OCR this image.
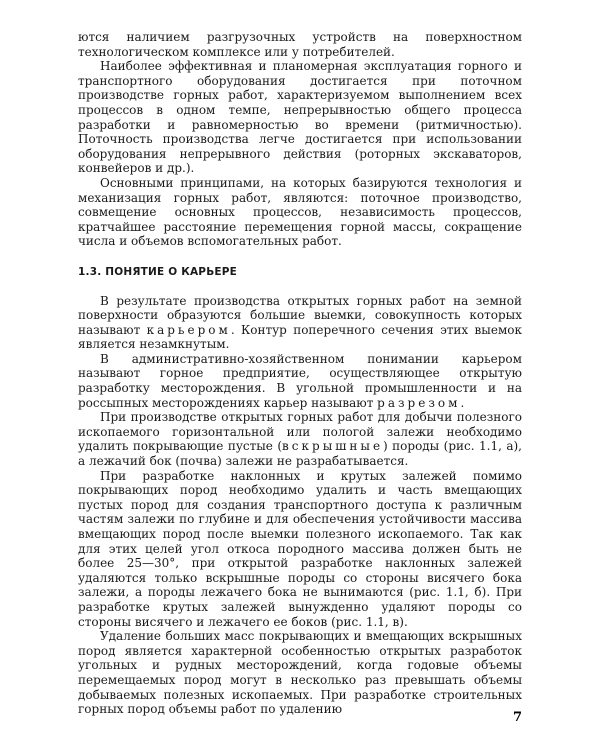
ются наличием разгрузочных устройств на поверхностном технологическом комплексе или у потребителей.

Наиболее эффективная и планомерная эксплуатация горного и транспортного оборудования достигается при поточном производстве горных работ, характеризуемом выполнением всех процессов в одном темпе, непрерывностью общего процесса разработки и равномерностью во времени (ритмичностью). Поточность производства легче достигается при использовании оборудования непрерывного действия (роторных экскаваторов, конвейеров и др.).

Основными принципами, на которых базируются технология и механизация горных работ, являются: поточное производство, совмещение основных процессов, независимость процессов, кратчайшее расстояние перемещения горной массы, сокращение числа и объемов вспомогательных работ.

1.3. ПОНЯТИЕ О КАРЬЕРЕ

В результате производства открытых горных работ на земной поверхности образуются большие выемки, совокупность которых называют карьером. Контур поперечного сечения этих выемок является незамкнутым.

В административно-хозяйственном понимании карьером называют горное предприятие, осуществляющее открытую разработку месторождения. В угольной промышленности и на россыпных месторождениях карьер называют разрезом.

При производстве открытых горных работ для добычи полезного ископаемого горизонтальной или пологой залежи необходимо удалить покрывающие пустые (вскрышные) породы (рис. 1.1, а), а лежачий бок (почва) залежи не разрабатывается.

При разработке наклонных и крутых залежей помимо покрывающих пород необходимо удалить и часть вмещающих пустых пород для создания транспортного доступа к различным частям залежи по глубине и для обеспечения устойчивости массива вмещающих пород после выемки полезного ископаемого. Так как для этих целей угол откоса породного массива должен быть не более 25—30°, при открытой разработке наклонных залежей удаляются только вскрышные породы со стороны висячего бока залежи, а породы лежачего бока не вынимаются (рис. 1.1, б). При разработке крутых залежей вынужденно удаляют породы со стороны висячего и лежачего ее боков (рис. 1.1, в).

Удаление больших масс покрывающих и вмещающих вскрышных пород является характерной особенностью открытых разработок угольных и рудных месторождений, когда годовые объемы перемещаемых пород могут в несколько раз превышать объемы добываемых полезных ископаемых. При разработке строительных горных пород объемы работ по удалению

7
